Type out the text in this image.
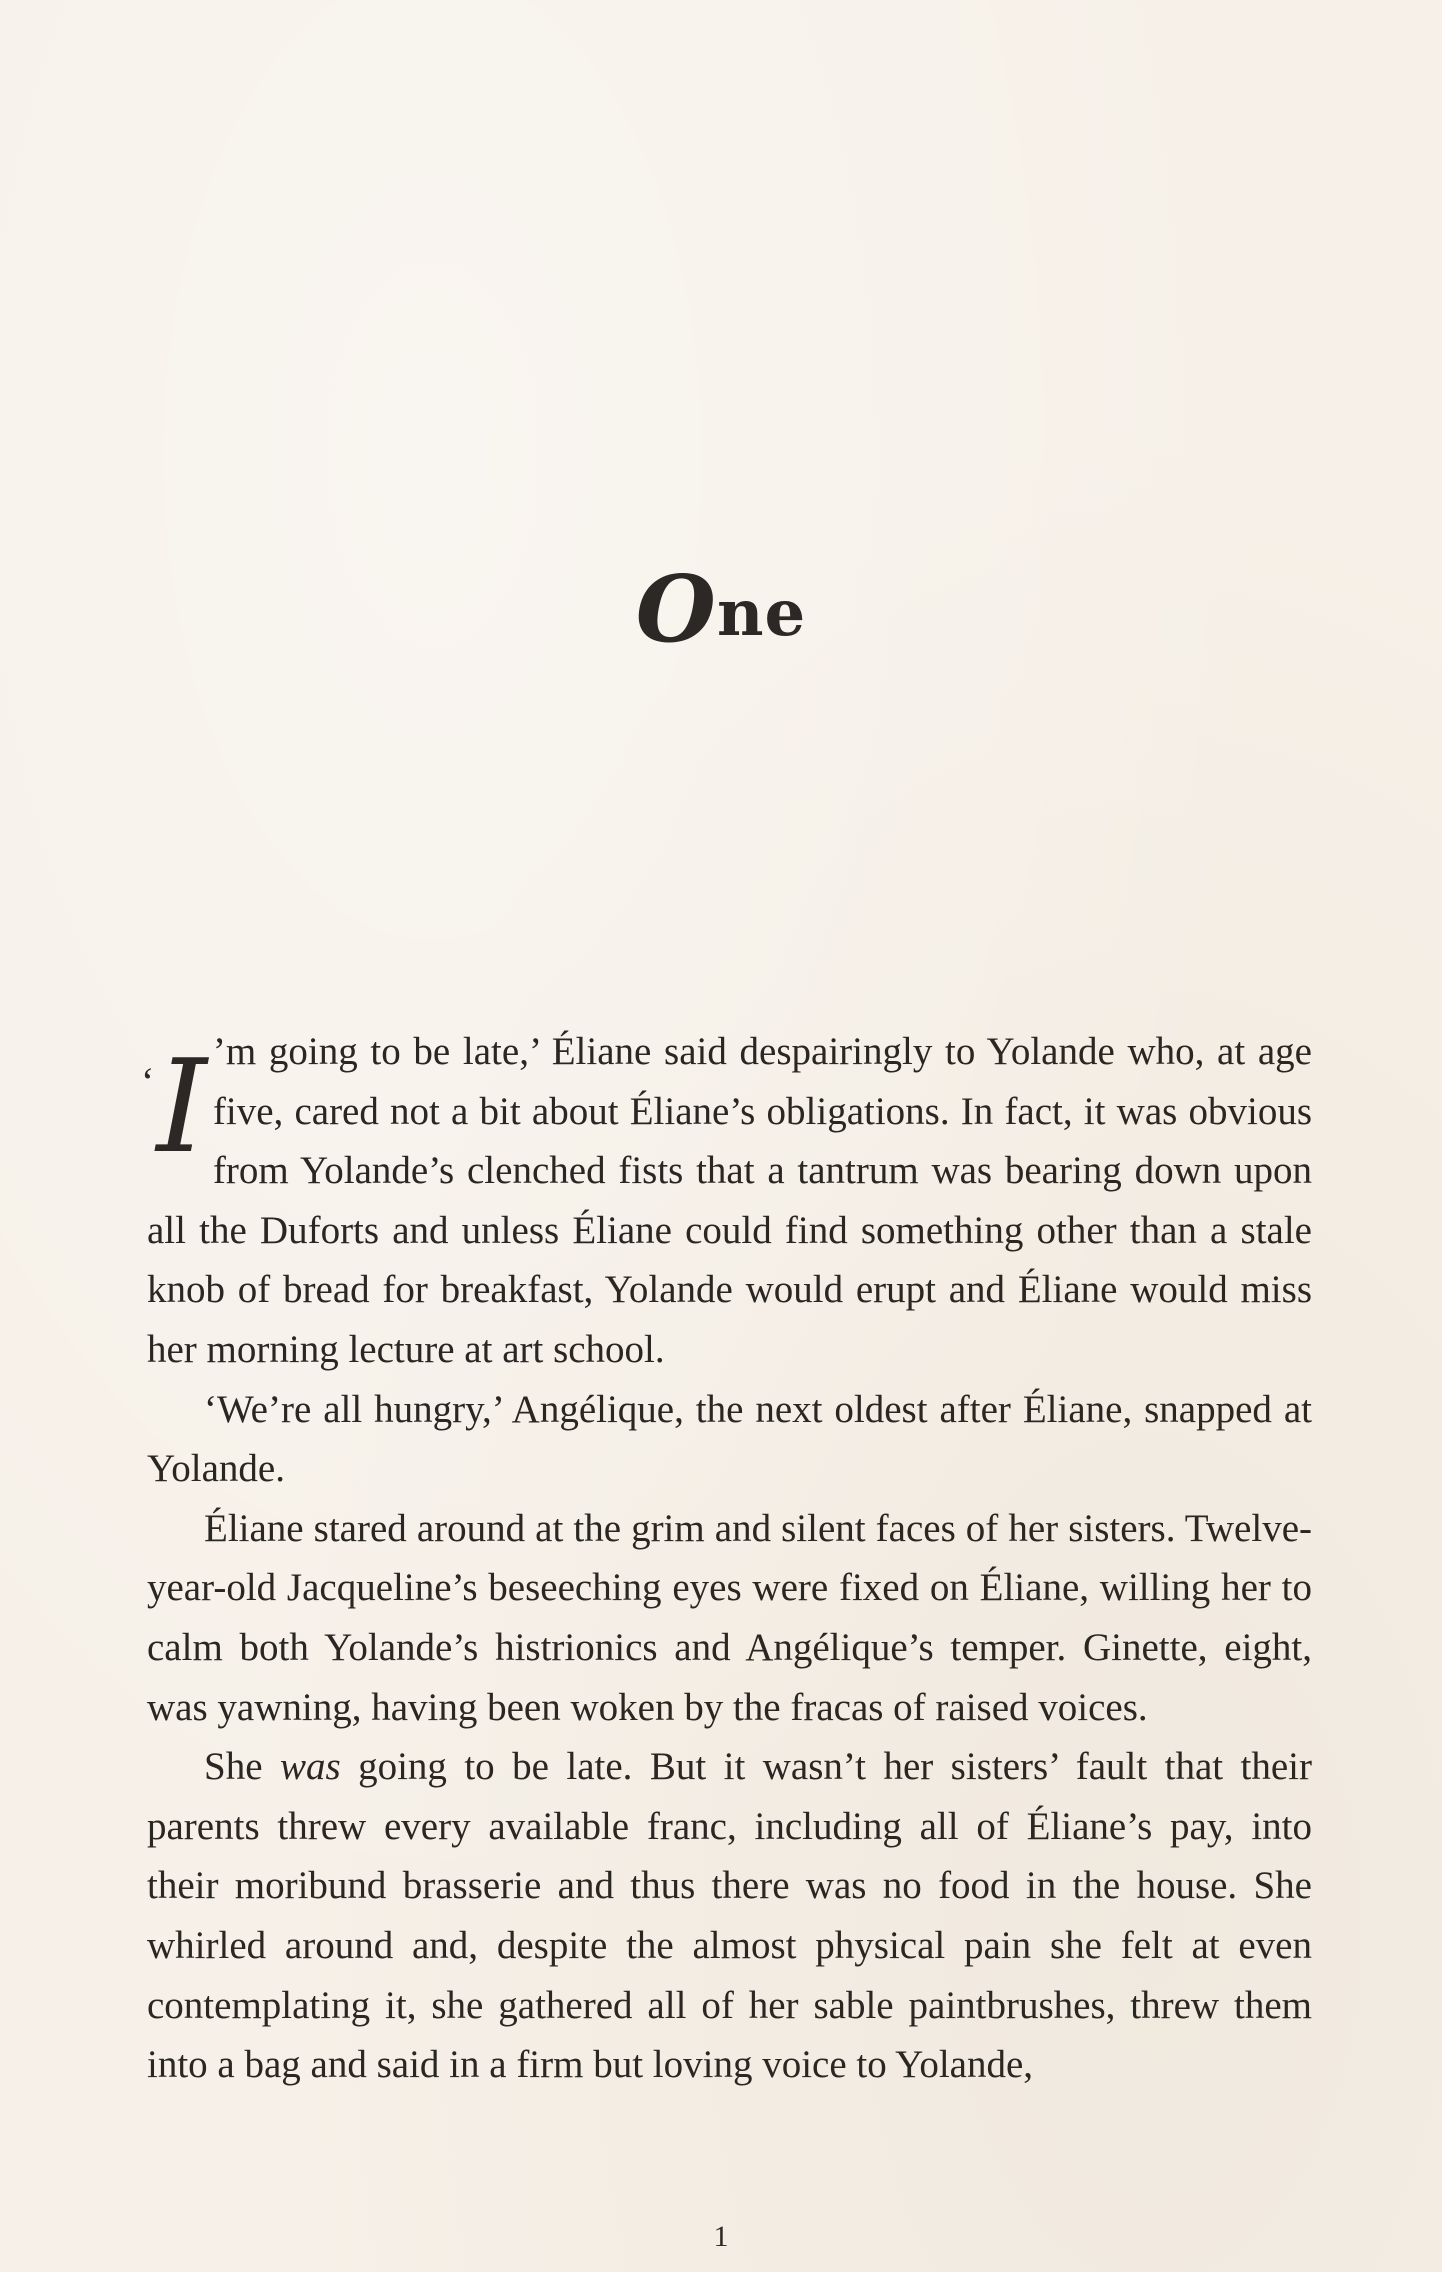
One

‘I ’m going to be late,’ Éliane said despairingly to Yolande who, at age five, cared not a bit about Éliane’s obligations. In fact, it was obvious from Yolande’s clenched fists that a tantrum was bearing down upon all the Duforts and unless Éliane could find something other than a stale knob of bread for breakfast, Yolande would erupt and Éliane would miss her morning lecture at art school.

‘We’re all hungry,’ Angélique, the next oldest after Éliane, snapped at Yolande.

Éliane stared around at the grim and silent faces of her sisters. Twelve-year-old Jacqueline’s beseeching eyes were fixed on Éliane, willing her to calm both Yolande’s histrionics and Angélique’s temper. Ginette, eight, was yawning, having been woken by the fracas of raised voices.

She was going to be late. But it wasn’t her sisters’ fault that their parents threw every available franc, including all of Éliane’s pay, into their moribund brasserie and thus there was no food in the house. She whirled around and, despite the almost physical pain she felt at even contemplating it, she gathered all of her sable paintbrushes, threw them into a bag and said in a firm but loving voice to Yolande,

1
